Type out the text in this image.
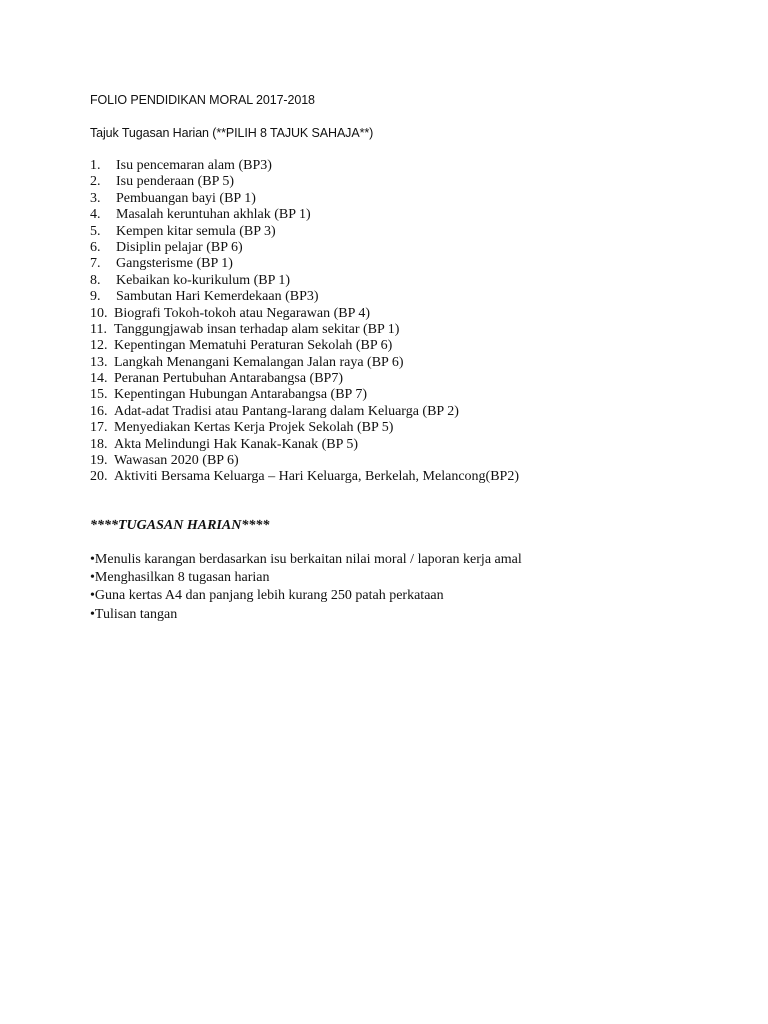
FOLIO PENDIDIKAN MORAL 2017-2018
Tajuk Tugasan Harian (**PILIH 8 TAJUK SAHAJA**)
1. Isu pencemaran alam (BP3)
2. Isu penderaan (BP 5)
3. Pembuangan bayi (BP 1)
4. Masalah keruntuhan akhlak (BP 1)
5. Kempen kitar semula (BP 3)
6. Disiplin pelajar (BP 6)
7. Gangsterisme (BP 1)
8. Kebaikan ko-kurikulum (BP 1)
9. Sambutan Hari Kemerdekaan (BP3)
10. Biografi Tokoh-tokoh atau Negarawan (BP 4)
11. Tanggungjawab insan terhadap alam sekitar (BP 1)
12. Kepentingan Mematuhi Peraturan Sekolah (BP 6)
13. Langkah Menangani Kemalangan Jalan raya (BP 6)
14. Peranan Pertubuhan Antarabangsa (BP7)
15. Kepentingan Hubungan Antarabangsa (BP 7)
16. Adat-adat Tradisi atau Pantang-larang dalam Keluarga (BP 2)
17. Menyediakan Kertas Kerja Projek Sekolah (BP 5)
18. Akta Melindungi Hak Kanak-Kanak (BP 5)
19. Wawasan 2020 (BP 6)
20. Aktiviti Bersama Keluarga – Hari Keluarga, Berkelah, Melancong(BP2)
****TUGASAN HARIAN****
•Menulis karangan berdasarkan isu berkaitan nilai moral / laporan kerja amal
•Menghasilkan 8 tugasan harian
•Guna kertas A4 dan panjang lebih kurang 250 patah perkataan
•Tulisan tangan
